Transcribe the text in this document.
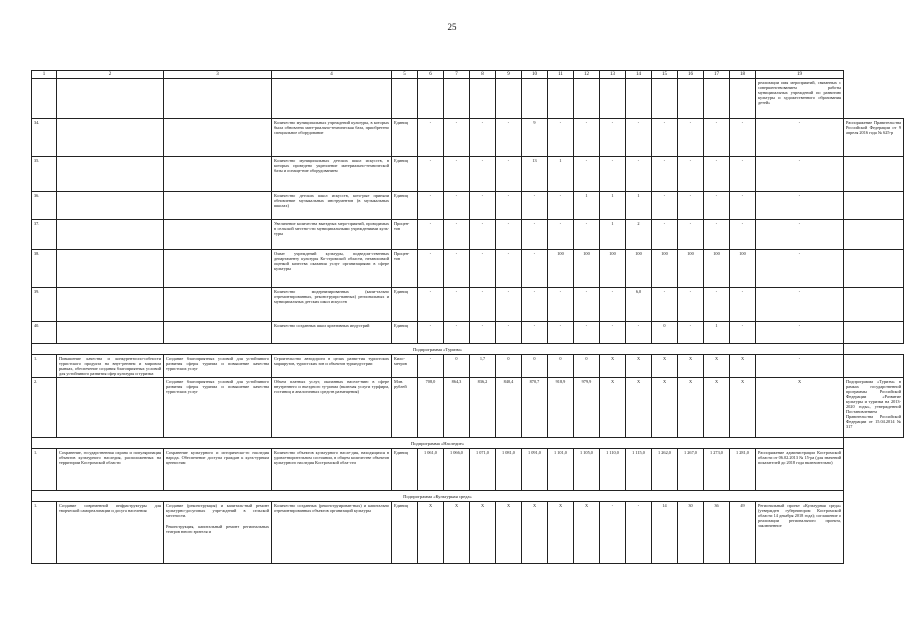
25
1	2	3	4	5	6	7	8	9	10	11	12	13	14	15	16	17	18	19	
																		реализации имя мероприятий, связанных с совершенствованием работы муниципальных учреждений по развитию культуры и художественного образования детей»	
34.			Количество муниципальных учреждений культуры, в которых была обновлена мате-риально-техническая база, приобретено специальное оборудование	Единиц	-	-	-	-	9	-	-	-	-	-	-	-	-	-	Распоряжение Правительства Российской Федерации от 9 апреля 2016 года № 625-р
35.			Количество муниципальных детских школ искусств, в которых проведено укрепление материально-технической базы и оснаще-ние оборудованием	Единиц	-	-	-	-	13	1	-	-	-	-	-	-	-	-	
36.			Количество детских школ искусств, кото-рые приняли обновление музыкальных инструментов (в музыкальных школах)	Единиц	-	-	-	-	-	-	1	1	1	-	-	-	-	-	
37.			Увеличение количества выездных меро-приятий, проводимых в сельской местно-сти муниципальными учреждениями куль-туры	Процен-тов	-	-	-	-	-	-	-	1	2	-	-	-	-	-	
38.			Охват учреждений культуры, подведом-ственных департаменту культуры Ко-стромской области, независимой оценкой качества оказания услуг организациями в сфере культуры	Процен-тов	-	-	-	-	-	100	100	100	100	100	100	100	100	-	
39.			Количество модернизированных (капи-тально отремонтированных, реконструиро-ванных) региональных и муниципальных детских школ искусств	Единиц	-	-	-	-	-	-	-	-	6,0	-	-	-	-	-	
40.			Количество созданных школ креативных индустрий	Единиц	-	-	-	-	-	-	-	-	-	0	-	1	-	-	
Подпрограмма «Туризм»																			
1.	Повышение качества и конкурентоспо-собности туристского продукта на внут-реннем и мировом рынках, обеспечение создания благоприятных условий для устойчивого развития сфер культуры и туризма	Создание благоприятных условий для устойчивого развития сферы туризма и повышение качества туристских услуг	Строительство автодороги в целях разви-тия туристских маршрутов, туристских зон и объектов турындустрии	Кило-метров	-	0	1,7	0	0	0	0	X	X	X	X	X	X	-	
2.		Создание благоприятных условий для устойчивого развития сферы туризма и повышение качества туристских услуг	Объем платных услуг, оказанных населе-нию в сфере внутреннего и въездного ту-ризма (включая услуги турфирм, гостиниц и аналогичных средств размещения)	Млн. рублей	708,0	864,3	836,2	840,4	870,7	918,9	979,9	X	X	X	X	X	X	X	Подпрограмма «Туризм» в рамках государственной программы Российской Федерации «Развитие культуры и туризма на 2013-2020 годы», утвержденной Постановлением Правительства Российской Федерации от 15.04.2014 № 317
Подпрограмма «Наследие»																			
1.	Сохранение, государственная охрана и популяризация объектов культурного наследия, расположенных на территории Костромской области	Сохранение культурного и историческо-го наследия народа. Обеспечение доступа граждан к куль-турным ценностям	Количество объектов культурного насле-дия, находящихся в удовлетворительном состоянии, в общем количестве объектов культурного наследия Костромской обла-сти	Единиц	1 061,0	1 066,0	1 071,0	1 081,0	1 091,0	1 101,0	1 105,0	1 110,0	1 115,0	1 262,0	1 267,0	1 273,0	1 281,0	Распоряжение администрации Костромской области от 06.02.2013 № 15-ра (для значений показателей до 2018 года включительно)	
Подпрограмма «Культурная среда»																			
1.	Создание современной инфраструктуры для творческой самореализации и досуга населения	Создание (реконструкция) и капиталь-ный ремонт культурно-досуговых учре-ждений в сельской местности.
Реконструкция, капитальный ремонт региональных театров юного зрителя и	Количество созданных (реконструирован-ных) и капитально отремонтированных объектов организаций культуры	Единиц	X	X	X	X	X	X	X	-	-	14	30	36	49	Региональный проект «Культурная среда» (утвержден губернатором Костромской области 14 декабря 2018 года); соглашение о реализации регионального проекта, заключенное	
